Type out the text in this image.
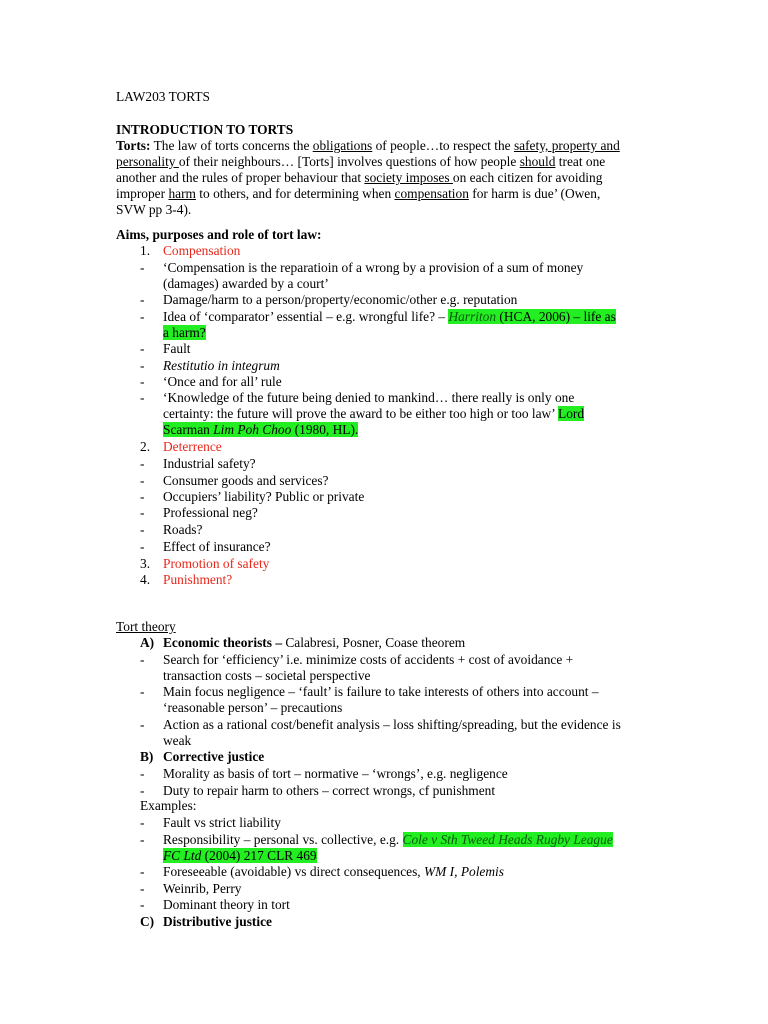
LAW203 TORTS
INTRODUCTION TO TORTS
Torts: The law of torts concerns the obligations of people…to respect the safety, property and
personality of their neighbours… [Torts] involves questions of how people should treat one
another and the rules of proper behaviour that society imposes on each citizen for avoiding
improper harm to others, and for determining when compensation for harm is due’ (Owen,
SVW pp 3-4).
Aims, purposes and role of tort law:
1. Compensation
- ‘Compensation is the reparatioin of a wrong by a provision of a sum of money
(damages) awarded by a court’
- Damage/harm to a person/property/economic/other e.g. reputation
- Idea of ‘comparator’ essential – e.g. wrongful life? – Harriton (HCA, 2006) – life as
a harm?
- Fault
- Restitutio in integrum
- ‘Once and for all’ rule
- ‘Knowledge of the future being denied to mankind… there really is only one
certainty: the future will prove the award to be either too high or too law’ Lord
Scarman Lim Poh Choo (1980, HL).
2. Deterrence
- Industrial safety?
- Consumer goods and services?
- Occupiers’ liability? Public or private
- Professional neg?
- Roads?
- Effect of insurance?
3. Promotion of safety
4. Punishment?
Tort theory
A) Economic theorists – Calabresi, Posner, Coase theorem
- Search for ‘efficiency’ i.e. minimize costs of accidents + cost of avoidance +
transaction costs – societal perspective
- Main focus negligence – ‘fault’ is failure to take interests of others into account –
‘reasonable person’ – precautions
- Action as a rational cost/benefit analysis – loss shifting/spreading, but the evidence is
weak
B) Corrective justice
- Morality as basis of tort – normative – ‘wrongs’, e.g. negligence
- Duty to repair harm to others – correct wrongs, cf punishment
Examples:
- Fault vs strict liability
- Responsibility – personal vs. collective, e.g. Cole v Sth Tweed Heads Rugby League
FC Ltd (2004) 217 CLR 469
- Foreseeable (avoidable) vs direct consequences, WM I, Polemis
- Weinrib, Perry
- Dominant theory in tort
C) Distributive justice
